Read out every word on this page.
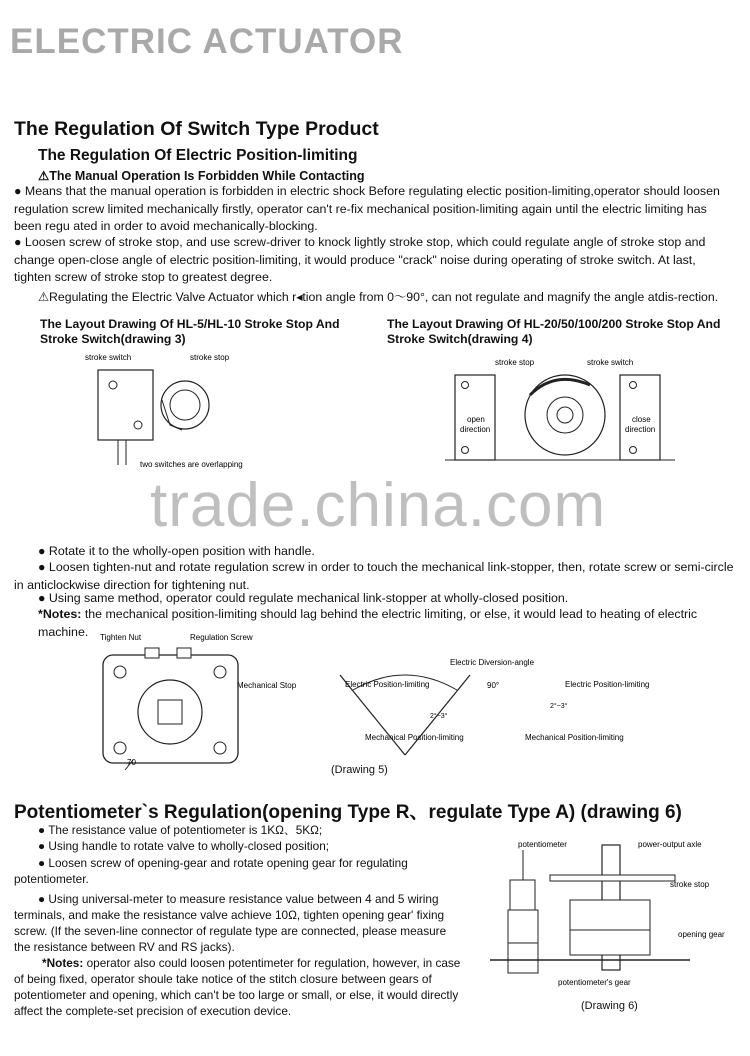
ELECTRIC ACTUATOR
The Regulation Of Switch Type Product
The Regulation Of Electric Position-limiting
⚠The Manual Operation Is Forbidden While Contacting
● Means that the manual operation is forbidden in electric shock Before regulating electic position-limiting,operator should loosen regulation screw limited mechanically firstly, operator can't re-fix mechanical position-limiting again until the electric limiting has been regu ated in order to avoid mechanically-blocking.
● Loosen screw of stroke stop, and use screw-driver to knock lightly stroke stop, which could regulate angle of stroke stop and change open-close angle of electric position-limiting, it would produce "crack" noise during operating of stroke switch. At last, tighten screw of stroke stop to greatest degree.
⚠Regulating the Electric Valve Actuator which r◂tion angle from 0～90°, can not regulate and magnify the angle atdis-rection.
The Layout Drawing Of HL-5/HL-10 Stroke Stop And Stroke Switch(drawing 3)
The Layout Drawing Of HL-20/50/100/200 Stroke Stop And Stroke Switch(drawing 4)
stroke switch	stroke stop
two switches are overlapping
stroke stop	stroke switch
open
direction
close
direction
trade.china.com
● Rotate it to the wholly-open position with handle.
● Loosen tighten-nut and rotate regulation screw in order to touch the mechanical link-stopper, then, rotate screw or semi-circle in anticlockwise direction for tightening nut.
● Using same method, operator could regulate mechanical link-stopper at wholly-closed position.
*Notes: the mechanical position-limiting should lag behind the electric limiting, or else, it would lead to heating of electric machine.	Tighten Nut	Regulation Screw
Mechanical Stop
70
Electric Diversion-angle
90°
Electric Position-limiting	Electric Position-limiting
Mechanical Position-limiting	Mechanical Position-limiting
2°~3°
2°~3°
(Drawing 5)
Potentiometer`s Regulation(opening Type R、regulate Type A) (drawing 6)
● The resistance value of potentiometer is 1KΩ、5KΩ;
● Using handle to rotate valve to wholly-closed position;
● Loosen screw of opening-gear and rotate opening gear for regulating potentiometer.
● Using universal-meter to measure resistance value between 4 and 5 wiring terminals, and make the resistance valve achieve 10Ω, tighten opening gear' fixing screw. (If the seven-line connector of regulate type are connected, please measure the resistance between RV and RS jacks).
*Notes: operator also could loosen potentimeter for regulation, however, in case of being fixed, operator shoule take notice of the stitch closure between gears of potentiometer and opening, which can't be too large or small, or else, it would directly affect the complete-set precision of execution device.
potentiometer	power-output axle
stroke stop
opening gear
potentiometer's gear
(Drawing 6)
